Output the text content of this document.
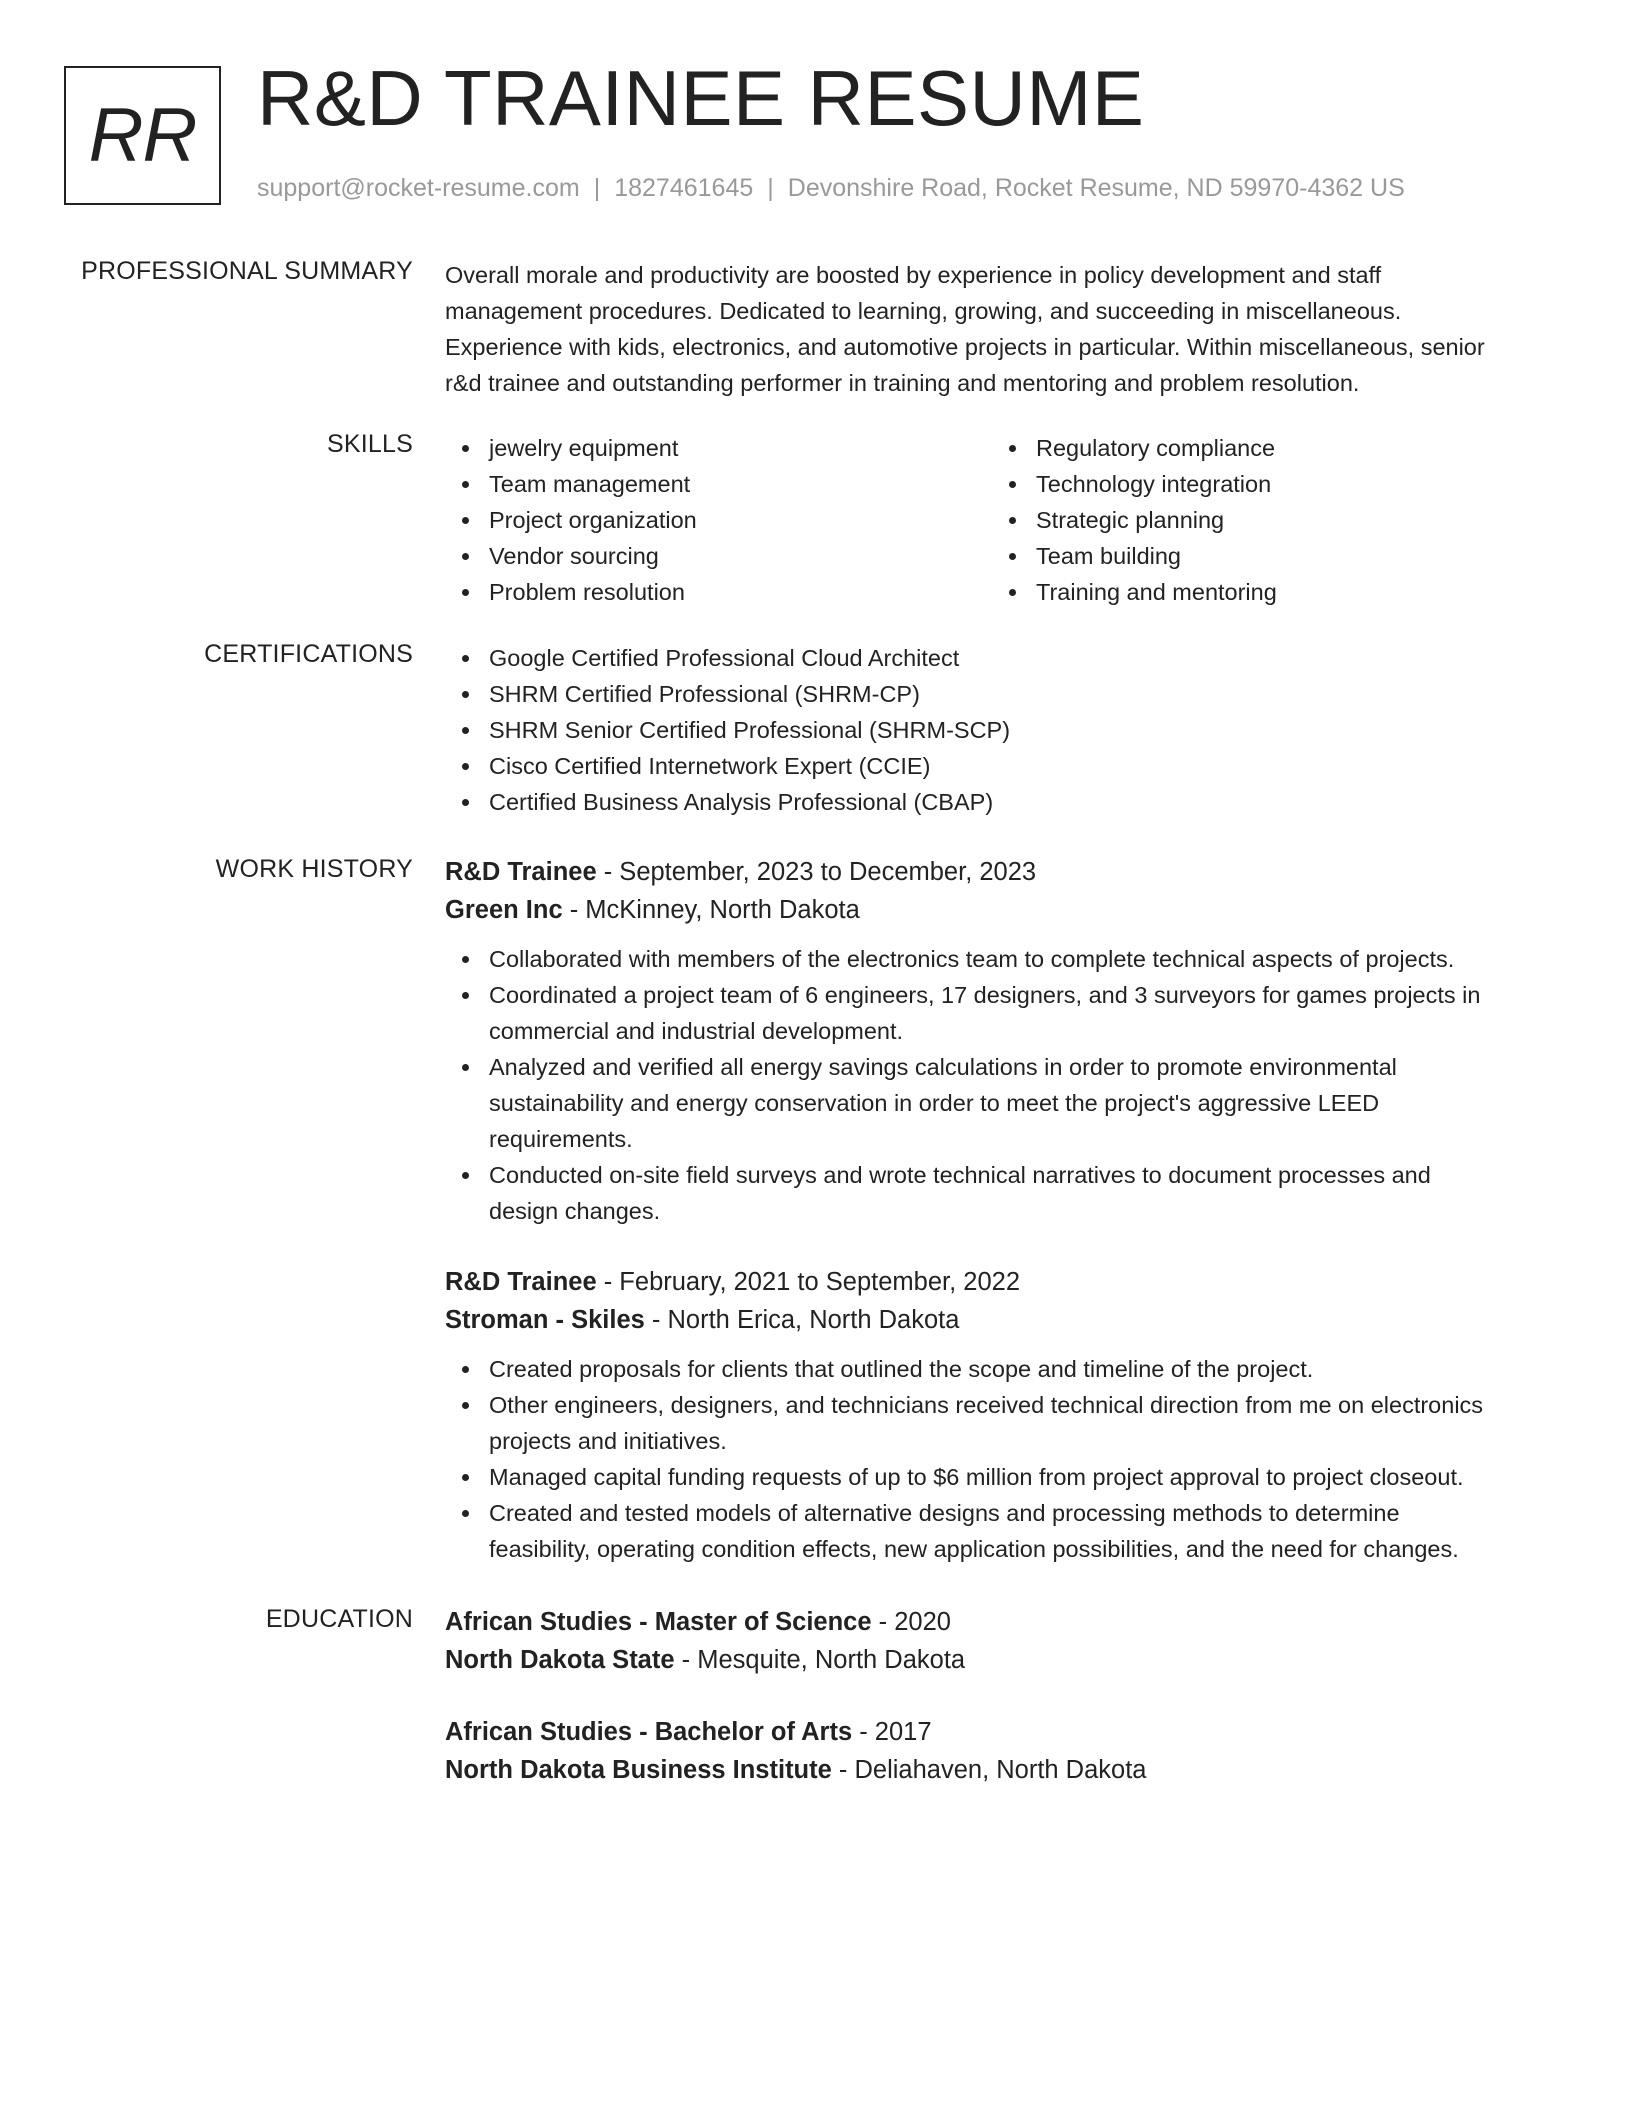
RR R&D TRAINEE RESUME
support@rocket-resume.com | 1827461645 | Devonshire Road, Rocket Resume, ND 59970-4362 US
PROFESSIONAL SUMMARY Overall morale and productivity are boosted by experience in policy development and staff
management procedures. Dedicated to learning, growing, and succeeding in miscellaneous.
Experience with kids, electronics, and automotive projects in particular. Within miscellaneous, senior
r&d trainee and outstanding performer in training and mentoring and problem resolution.
SKILLS	jewelry equipment
Team management
Project organization
Vendor sourcing
Problem resolution
Regulatory compliance
Technology integration
Strategic planning
Team building
Training and mentoring
CERTIFICATIONS	Google Certified Professional Cloud Architect
SHRM Certified Professional (SHRM-CP)
SHRM Senior Certified Professional (SHRM-SCP)
Cisco Certified Internetwork Expert (CCIE)
Certified Business Analysis Professional (CBAP)
WORK HISTORY R&D Trainee - September, 2023 to December, 2023
Green Inc - McKinney, North Dakota
Collaborated with members of the electronics team to complete technical aspects of projects.
Coordinated a project team of 6 engineers, 17 designers, and 3 surveyors for games projects in
commercial and industrial development.
Analyzed and verified all energy savings calculations in order to promote environmental
sustainability and energy conservation in order to meet the project's aggressive LEED
requirements.
Conducted on-site field surveys and wrote technical narratives to document processes and
design changes.
R&D Trainee - February, 2021 to September, 2022
Stroman - Skiles - North Erica, North Dakota
Created proposals for clients that outlined the scope and timeline of the project.
Other engineers, designers, and technicians received technical direction from me on electronics
projects and initiatives.
Managed capital funding requests of up to $6 million from project approval to project closeout.
Created and tested models of alternative designs and processing methods to determine
feasibility, operating condition effects, new application possibilities, and the need for changes.
EDUCATION African Studies - Master of Science - 2020
North Dakota State - Mesquite, North Dakota
African Studies - Bachelor of Arts - 2017
North Dakota Business Institute - Deliahaven, North Dakota
